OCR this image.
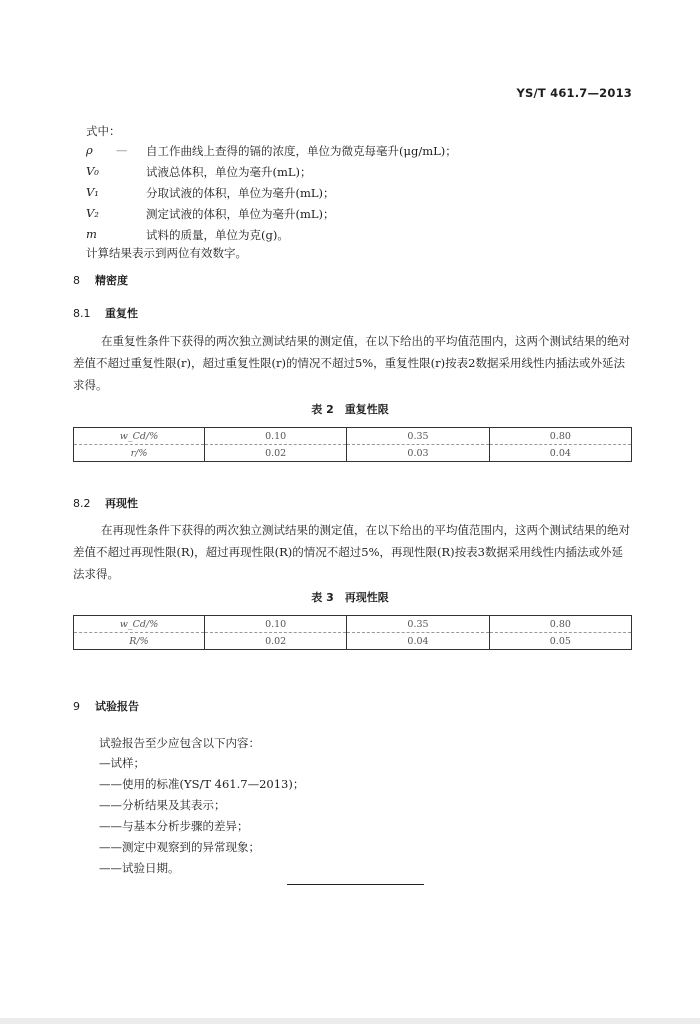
YS/T 461.7—2013
式中：
ρ — 自工作曲线上查得的镉的浓度，单位为微克每毫升(μg/mL)；
V₀	试液总体积，单位为毫升(mL)；
V₁	分取试液的体积，单位为毫升(mL)；
V₂	测定试液的体积，单位为毫升(mL)；
m	试料的质量，单位为克(g)。
计算结果表示到两位有效数字。
8 精密度
8.1 重复性
在重复性条件下获得的两次独立测试结果的测定值，在以下给出的平均值范围内，这两个测试结果的绝对差值不超过重复性限(r)，超过重复性限(r)的情况不超过5%，重复性限(r)按表2数据采用线性内插法或外延法求得。
表 2　重复性限
w_Cd/%	0.10	0.35	0.80
r/%	0.02	0.03	0.04
8.2 再现性
在再现性条件下获得的两次独立测试结果的测定值，在以下给出的平均值范围内，这两个测试结果的绝对差值不超过再现性限(R)，超过再现性限(R)的情况不超过5%，再现性限(R)按表3数据采用线性内插法或外延法求得。
表 3　再现性限
w_Cd/%	0.10	0.35	0.80
R/%	0.02	0.04	0.05
9 试验报告
试验报告至少应包含以下内容：
—试样；
——使用的标准(YS/T 461.7—2013)；
——分析结果及其表示；
——与基本分析步骤的差异；
——测定中观察到的异常现象；
——试验日期。
